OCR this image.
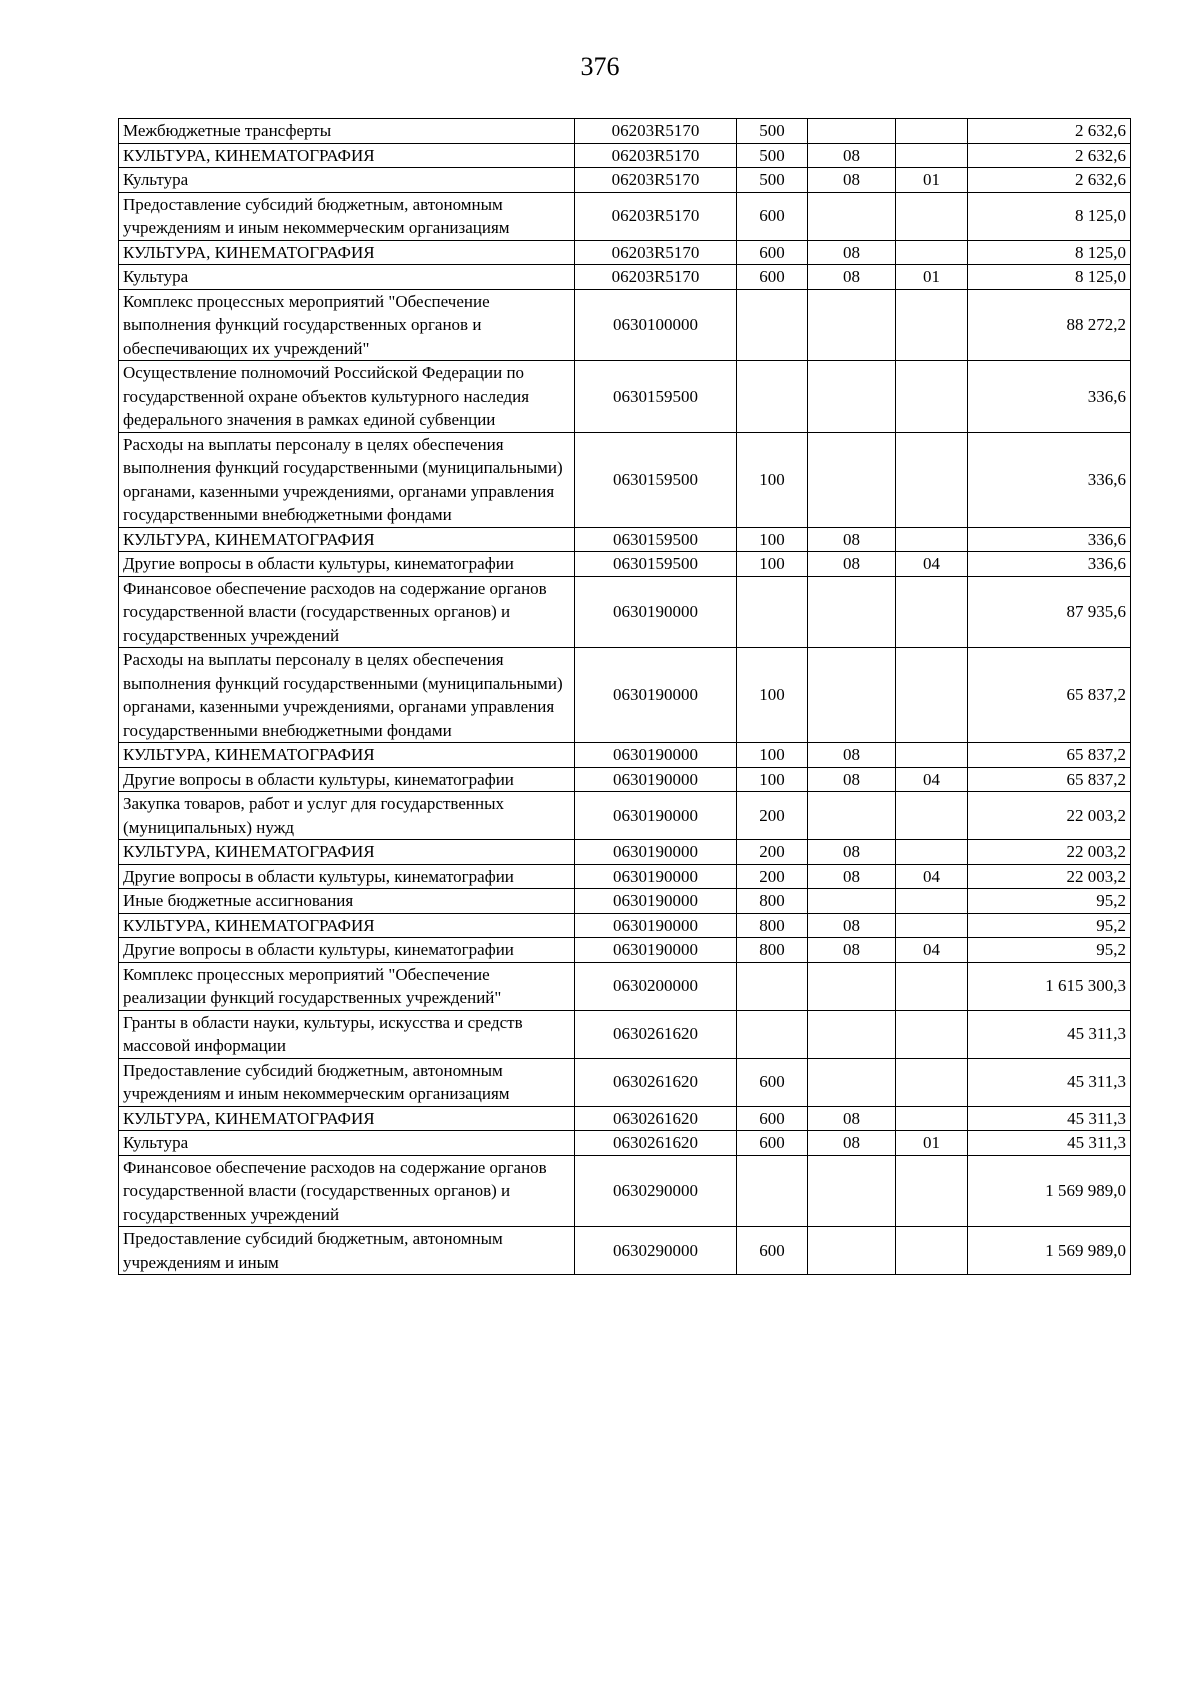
376
Межбюджетные трансферты	06203R5170	500			2 632,6
КУЛЬТУРА, КИНЕМАТОГРАФИЯ	06203R5170	500	08		2 632,6
Культура	06203R5170	500	08	01	2 632,6
Предоставление субсидий бюджетным, автономным учреждениям и иным некоммерческим организациям	06203R5170	600			8 125,0
КУЛЬТУРА, КИНЕМАТОГРАФИЯ	06203R5170	600	08		8 125,0
Культура	06203R5170	600	08	01	8 125,0
Комплекс процессных мероприятий "Обеспечение выполнения функций государственных органов и обеспечивающих их учреждений"	0630100000				88 272,2
Осуществление полномочий Российской Федерации по государственной охране объектов культурного наследия федерального значения в рамках единой субвенции	0630159500				336,6
Расходы на выплаты персоналу в целях обеспечения выполнения функций государственными (муниципальными) органами, казенными учреждениями, органами управления государственными внебюджетными фондами	0630159500	100			336,6
КУЛЬТУРА, КИНЕМАТОГРАФИЯ	0630159500	100	08		336,6
Другие вопросы в области культуры, кинематографии	0630159500	100	08	04	336,6
Финансовое обеспечение расходов на содержание органов государственной власти (государственных органов) и государственных учреждений	0630190000				87 935,6
Расходы на выплаты персоналу в целях обеспечения выполнения функций государственными (муниципальными) органами, казенными учреждениями, органами управления государственными внебюджетными фондами	0630190000	100			65 837,2
КУЛЬТУРА, КИНЕМАТОГРАФИЯ	0630190000	100	08		65 837,2
Другие вопросы в области культуры, кинематографии	0630190000	100	08	04	65 837,2
Закупка товаров, работ и услуг для государственных (муниципальных) нужд	0630190000	200			22 003,2
КУЛЬТУРА, КИНЕМАТОГРАФИЯ	0630190000	200	08		22 003,2
Другие вопросы в области культуры, кинематографии	0630190000	200	08	04	22 003,2
Иные бюджетные ассигнования	0630190000	800			95,2
КУЛЬТУРА, КИНЕМАТОГРАФИЯ	0630190000	800	08		95,2
Другие вопросы в области культуры, кинематографии	0630190000	800	08	04	95,2
Комплекс процессных мероприятий "Обеспечение реализации функций государственных учреждений"	0630200000				1 615 300,3
Гранты в области науки, культуры, искусства и средств массовой информации	0630261620				45 311,3
Предоставление субсидий бюджетным, автономным учреждениям и иным некоммерческим организациям	0630261620	600			45 311,3
КУЛЬТУРА, КИНЕМАТОГРАФИЯ	0630261620	600	08		45 311,3
Культура	0630261620	600	08	01	45 311,3
Финансовое обеспечение расходов на содержание органов государственной власти (государственных органов) и государственных учреждений	0630290000				1 569 989,0
Предоставление субсидий бюджетным, автономным учреждениям и иным	0630290000	600			1 569 989,0
